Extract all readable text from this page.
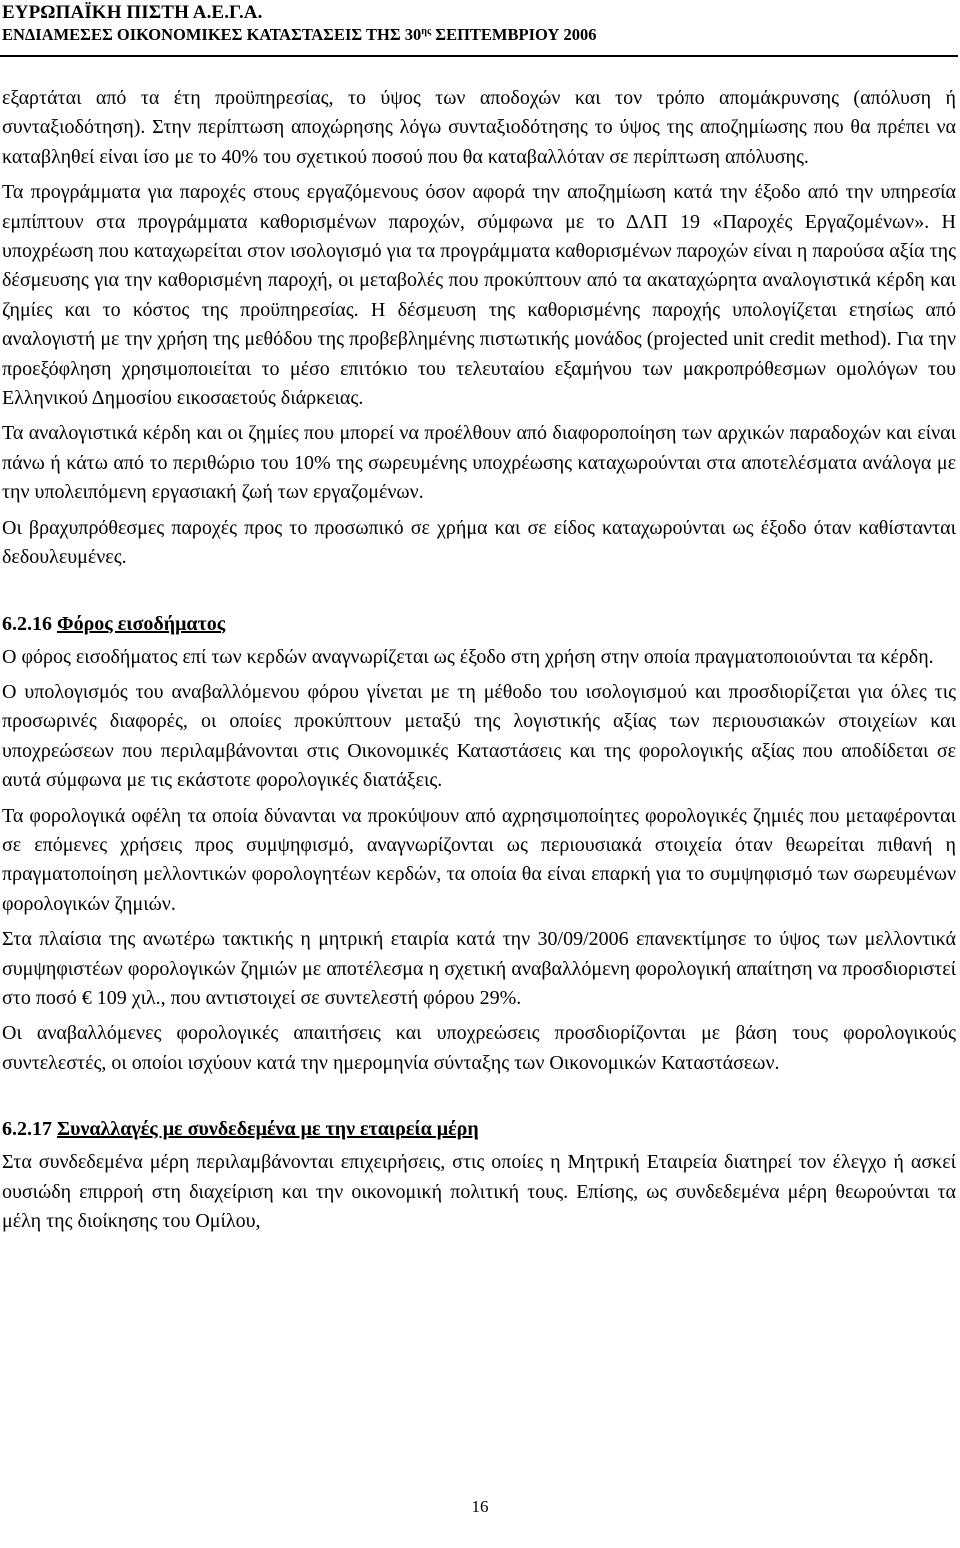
ΕΥΡΩΠΑΪΚΗ ΠΙΣΤΗ Α.Ε.Γ.Α.

ΕΝΔΙΑΜΕΣΕΣ ΟΙΚΟΝΟΜΙΚΕΣ ΚΑΤΑΣΤΑΣΕΙΣ ΤΗΣ $30^{\eta\varsigma}$ ΣΕΠΤΕΜΒΡΙΟΥ 2006

εξαρτάται από τα έτη προϋπηρεσίας, το ύψος των αποδοχών και τον τρόπο απομάκρυνσης (απόλυση ή συνταξιοδότηση). Στην περίπτωση αποχώρησης λόγω συνταξιοδότησης το ύψος της αποζημίωσης που θα πρέπει να καταβληθεί είναι ίσο με το 40% του σχετικού ποσού που θα καταβαλλόταν σε περίπτωση απόλυσης.

Τα προγράμματα για παροχές στους εργαζόμενους όσον αφορά την αποζημίωση κατά την έξοδο από την υπηρεσία εμπίπτουν στα προγράμματα καθορισμένων παροχών, σύμφωνα με το ΔΛΠ 19 «Παροχές Εργαζομένων». Η υποχρέωση που καταχωρείται στον ισολογισμό για τα προγράμματα καθορισμένων παροχών είναι η παρούσα αξία της δέσμευσης για την καθορισμένη παροχή, οι μεταβολές που προκύπτουν από τα ακαταχώρητα αναλογιστικά κέρδη και ζημίες και το κόστος της προϋπηρεσίας. Η δέσμευση της καθορισμένης παροχής υπολογίζεται ετησίως από αναλογιστή με την χρήση της μεθόδου της προβεβλημένης πιστωτικής μονάδος (projected unit credit method). Για την προεξόφληση χρησιμοποιείται το μέσο επιτόκιο του τελευταίου εξαμήνου των μακροπρόθεσμων ομολόγων του Ελληνικού Δημοσίου εικοσαετούς διάρκειας.

Τα αναλογιστικά κέρδη και οι ζημίες που μπορεί να προέλθουν από διαφοροποίηση των αρχικών παραδοχών και είναι πάνω ή κάτω από το περιθώριο του 10% της σωρευμένης υποχρέωσης καταχωρούνται στα αποτελέσματα ανάλογα με την υπολειπόμενη εργασιακή ζωή των εργαζομένων.

Οι βραχυπρόθεσμες παροχές προς το προσωπικό σε χρήμα και σε είδος καταχωρούνται ως έξοδο όταν καθίστανται δεδουλευμένες.

6.2.16 Φόρος εισοδήματος

Ο φόρος εισοδήματος επί των κερδών αναγνωρίζεται ως έξοδο στη χρήση στην οποία πραγματοποιούνται τα κέρδη.

Ο υπολογισμός του αναβαλλόμενου φόρου γίνεται με τη μέθοδο του ισολογισμού και προσδιορίζεται για όλες τις προσωρινές διαφορές, οι οποίες προκύπτουν μεταξύ της λογιστικής αξίας των περιουσιακών στοιχείων και υποχρεώσεων που περιλαμβάνονται στις Οικονομικές Καταστάσεις και της φορολογικής αξίας που αποδίδεται σε αυτά σύμφωνα με τις εκάστοτε φορολογικές διατάξεις.

Τα φορολογικά οφέλη τα οποία δύνανται να προκύψουν από αχρησιμοποίητες φορολογικές ζημιές που μεταφέρονται σε επόμενες χρήσεις προς συμψηφισμό, αναγνωρίζονται ως περιουσιακά στοιχεία όταν θεωρείται πιθανή η πραγματοποίηση μελλοντικών φορολογητέων κερδών, τα οποία θα είναι επαρκή για το συμψηφισμό των σωρευμένων φορολογικών ζημιών.

Στα πλαίσια της ανωτέρω τακτικής η μητρική εταιρία κατά την 30/09/2006 επανεκτίμησε το ύψος των μελλοντικά συμψηφιστέων φορολογικών ζημιών με αποτέλεσμα η σχετική αναβαλλόμενη φορολογική απαίτηση να προσδιοριστεί στο ποσό € 109 χιλ., που αντιστοιχεί σε συντελεστή φόρου 29%.

Οι αναβαλλόμενες φορολογικές απαιτήσεις και υποχρεώσεις προσδιορίζονται με βάση τους φορολογικούς συντελεστές, οι οποίοι ισχύουν κατά την ημερομηνία σύνταξης των Οικονομικών Καταστάσεων.

6.2.17 Συναλλαγές με συνδεδεμένα με την εταιρεία μέρη

Στα συνδεδεμένα μέρη περιλαμβάνονται επιχειρήσεις, στις οποίες η Μητρική Εταιρεία διατηρεί τον έλεγχο ή ασκεί ουσιώδη επιρροή στη διαχείριση και την οικονομική πολιτική τους. Επίσης, ως συνδεδεμένα μέρη θεωρούνται τα μέλη της διοίκησης του Ομίλου,

16
